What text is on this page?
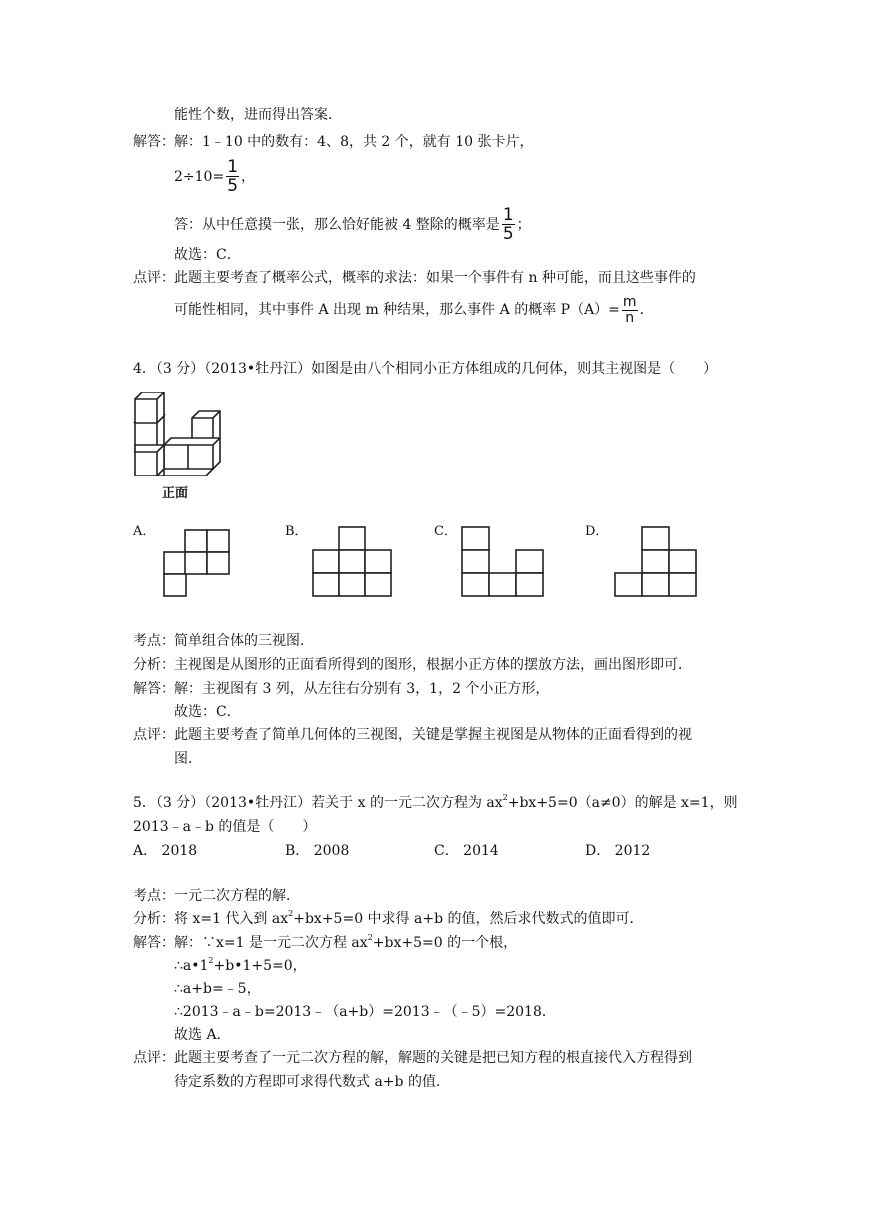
能性个数，进而得出答案．
解答： 解：1﹣10 中的数有：4、8，共 2 个，就有 10 张卡片，
$2\div 10= \frac{1}{5}$ ，
答：从中任意摸一张，那么恰好能被 4 整除的概率是 $\frac{1}{5}$ ；
故选：C．
点评： 此题主要考查了概率公式，概率的求法：如果一个事件有 n 种可能，而且这些事件的
可能性相同，其中事件 A 出现 m 种结果，那么事件 A 的概率 $P(A)= \frac{m}{n}$ ．
4．（3 分）（2013•牡丹江）如图是由八个相同小正方体组成的几何体，则其主视图是（　　）
正面
A．	B．	C．	D．
考点： 简单组合体的三视图．
分析： 主视图是从图形的正面看所得到的图形，根据小正方体的摆放方法，画出图形即可．
解答： 解：主视图有 3 列，从左往右分别有 3，1，2 个小正方形，
故选：C．
点评： 此题主要考查了简单几何体的三视图，关键是掌握主视图是从物体的正面看得到的视
图．
5．（3 分）（2013•牡丹江）若关于 x 的一元二次方程为 $ax^2+bx+5=0(a\ne 0)$的解是 x=1，则
2013﹣a﹣b 的值是（　　）
A． 2018	B． 2008	C． 2014	D． 2012
考点： 一元二次方程的解．
分析： 将 x=1 代入到 $ax^2+bx+5=0$ 中求得 a+b 的值，然后求代数式的值即可．
解答： 解：∵x=1 是一元二次方程 $ax^2+bx+5=0$ 的一个根，
$\therefore a•1^2+b•1+5=0$，
∴a+b=﹣5，
∴2013﹣a﹣b=2013﹣（a+b）=2013﹣（﹣5）=2018．
故选 A．
点评： 此题主要考查了一元二次方程的解，解题的关键是把已知方程的根直接代入方程得到
待定系数的方程即可求得代数式 a+b 的值．
